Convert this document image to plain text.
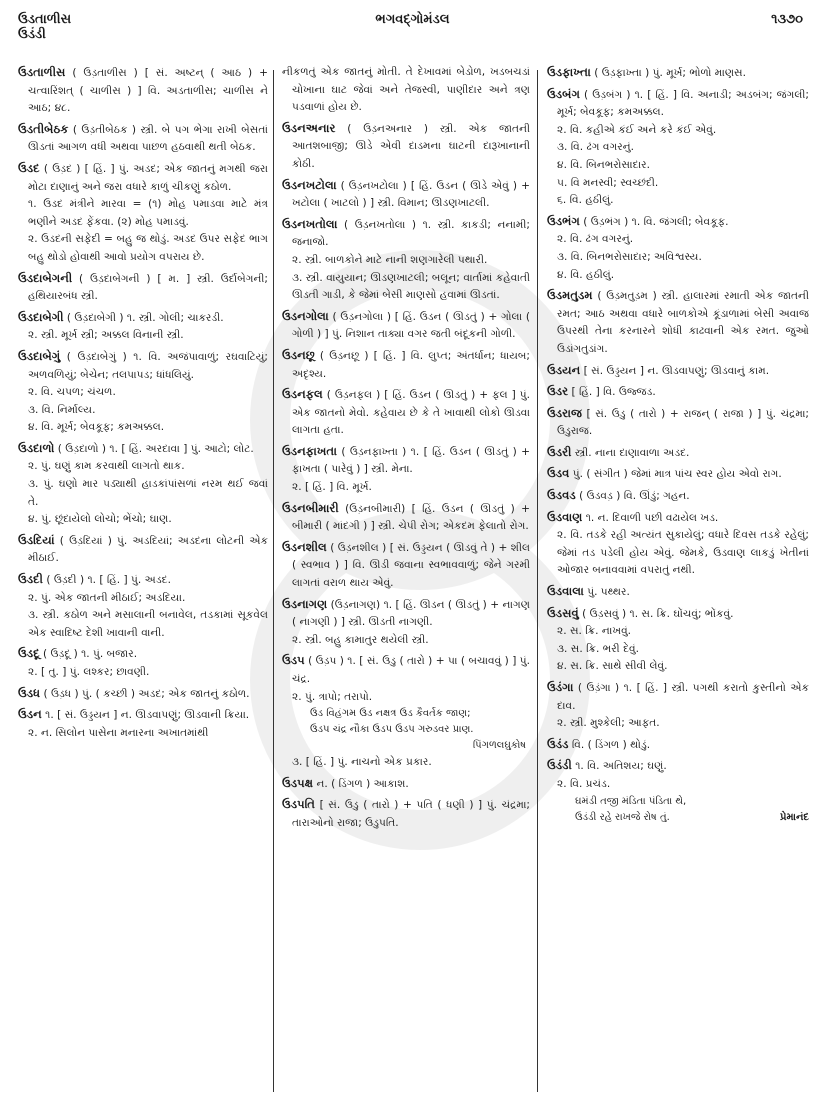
ઉડતાળીસ
ઉડંડી
ભગવદ્ગોમંડલ	૧૩૭૦
ઉડતાળીસ ( ઉડ઼તાળીસ ) [ સં. અષ્ટન્ ( આઠ ) + ચત્વારિંશત્ ( ચાળીસ ) ] વિ. અડતાળીસ; ચાળીસ ને આઠ; ૪૮.
ઉડતીબેઠક ( ઉડ઼તીબેઠક ) સ્ત્રી. બે પગ ભેગા રાખી બેસતાં ઊડતાં આગળ વધી અથવા પાછળ હઠવાથી થતી બેઠક.
ઉડદ ( ઉડ઼દ ) [ હિં. ] પું. અડદ; એક જાતનું મગથી જરા મોટા દાણાનું અને જરા વધારે કાળું ચીકણું કઠોળ.
૧. ઉડદ મંત્રીને મારવા = (૧) મોહ પમાડવા માટે મંત્ર ભણીને અડદ ફેંકવા. (૨) મોહ પમાડવું.
૨. ઉડદની સફેદી = બહુ જ થોડું. અડદ ઉપર સફેદ ભાગ બહુ થોડો હોવાથી આવો પ્રયોગ વપરાય છે.
ઉડદાબેગની ( ઉડ઼દાબેગની ) [ મ. ] સ્ત્રી. ઉર્દાબેગની; હથિયારબંધ સ્ત્રી.
ઉડદાબેગી ( ઉડ઼દાબેગી ) ૧. સ્ત્રી. ગોલી; ચાકરડી.
૨. સ્ત્રી. મૂર્ખ સ્ત્રી; અક્કલ વિનાની સ્ત્રી.
ઉડદાબેગું ( ઉડ઼દાબેગું ) ૧. વિ. અજંપાવાળું; રઘવાટિયું; અળવળિયું; બેચેન; તલપાપડ; ધાંધલિયું.
૨. વિ. ચપળ; ચંચળ.
૩. વિ. નિર્માલ્ય.
૪. વિ. મૂર્ખ; બેવકૂફ; કમઅક્કલ.
ઉડદાળો ( ઉડ઼દાળો ) ૧. [ હિં. અરદાવા ] પું. આટો; લોટ.
૨. પું. ઘણું કામ કરવાથી લાગતો થાક.
૩. પું. ઘણો માર પડ્યાથી હાડકાંપાંસળાં નરમ થઈ જવાં તે.
૪. પું. છૂંદાયેલો લોચો; ભેંચો; ઘાણ.
ઉડદિયાં ( ઉડ઼દિયાં ) પું. અડદિયાં; અડદના લોટની એક મીઠાઈ.
ઉડદી ( ઉડ઼દી ) ૧. [ હિં. ] પું. અડદ.
૨. પું. એક જાતની મીઠાઈ; અડદિયા.
૩. સ્ત્રી. કઠોળ અને મસાલાની બનાવેલ, તડકામાં સૂકવેલ એક સ્વાદિષ્ટ દેશી ખાવાની વાની.
ઉડદૂ ( ઉડ઼દૂ ) ૧. પું. બજાર.
૨. [ તુ. ] પું. લશ્કર; છાવણી.
ઉડધ ( ઉડ઼ધ ) પું. ( કચ્છી ) અડદ; એક જાતનું કઠોળ.
ઉડન ૧. [ સં. ઉડ્ડયન ] ન. ઊડવાપણું; ઊડવાની ક્રિયા.
૨. ન. સિલોન પાસેના મનારના અખાતમાંથી
નીકળતું એક જાતનું મોતી. તે દેખાવમાં બેડોળ, ખડબચડાં ચોખાના ઘાટ જેવાં અને તેજસ્વી, પાણીદાર અને ત્રણ પડવાળાં હોય છે.
ઉડનઅનાર ( ઉડ઼નઅનાર ) સ્ત્રી. એક જાતની આતશબાજી; ઊડે એવી દાડમના ઘાટની દારૂખાનાની કોઠી.
ઉડનખટોલા ( ઉડ઼નખટોલા ) [ હિં. ઉડન ( ઊડે એવું ) + ખટોલા ( ખાટલો ) ] સ્ત્રી. વિમાન; ઊડણખાટલી.
ઉડનખતોલા ( ઉડ઼નખતોલા ) ૧. સ્ત્રી. કાકડી; નનામી; જનાજો.
૨. સ્ત્રી. બાળકોને માટે નાની શણગારેલી પથારી.
૩. સ્ત્રી. વાયુયાન; ઊડણખાટલી; બલૂન; વાર્તામાં કહેવાતી ઊડતી ગાડી, કે જેમાં બેસી માણસો હવામાં ઊડતાં.
ઉડનગોલા ( ઉડ઼નગોલા ) [ હિં. ઉડન ( ઊડતું ) + ગોલા ( ગોળી ) ] પું. નિશાન તાક્યા વગર જતી બંદૂકની ગોળી.
ઉડનછૂ ( ઉડ઼નછૂ ) [ હિં. ] વિ. લુપ્ત; અંતર્ધાન; ધાયબ; અદૃશ્ય.
ઉડનફલ ( ઉડ઼નફલ ) [ હિં. ઉડન ( ઊડતું ) + ફલ ] પું. એક જાતનો મેવો. કહેવાય છે કે તે ખાવાથી લોકો ઊડવા લાગતા હતા.
ઉડનફાખતા ( ઉડ઼નફાખ્તા ) ૧. [ હિં. ઉડન ( ઊડતું ) + ફાખતા ( પારેવું ) ] સ્ત્રી. મેના.
૨. [ હિં. ] વિ. મૂર્ખ.
ઉડનબીમારી (ઉડ઼નબીમારી) [ હિં. ઉડન ( ઊડતું ) + બીમારી ( માંદગી ) ] સ્ત્રી. ચેપી રોગ; એકદમ ફેલાતો રોગ.
ઉડનશીલ ( ઉડ઼નશીલ ) [ સં. ઉડ્ડયન ( ઊડવું તે ) + શીલ ( સ્વભાવ ) ] વિ. ઊડી જવાના સ્વભાવવાળું; જેને ગરમી લાગતાં વરાળ થાય એવું.
ઉડનાગણ (ઉડ઼નાગણ) ૧. [ હિં. ઊડન ( ઊડતું ) + નાગણ ( નાગણી ) ] સ્ત્રી. ઊડતી નાગણી.
૨. સ્ત્રી. બહુ કામાતુર થયેલી સ્ત્રી.
ઉડપ ( ઉડ઼પ ) ૧. [ સં. ઉડુ ( તારો ) + પા ( બચાવવું ) ] પું. ચંદ્ર.
૨. પું. ત્રાપો; તરાપો.
ઉડ વિહંગમ ઉડ નક્ષત્ર ઉડ કૈવર્તક જાણ;
ઉડપ ચંદ્ર નૌકા ઉડપ ઉડપ ગરુડવર પ્રાણ.
પિંગળલઘુકોષ
૩. [ હિં. ] પું. નાચનો એક પ્રકાર.
ઉડપક્ષ ન. ( ડિંગળ ) આકાશ.
ઉડપતિ [ સં. ઉડુ ( તારો ) + પતિ ( ધણી ) ] પું. ચંદ્રમા; તારાઓનો રાજા; ઉડુપતિ.
ઉડફાખ્તા ( ઉડ઼ફાખ્તા ) પું. મૂર્ખ; ભોળો માણસ.
ઉડબંગ ( ઉડ઼બંગ ) ૧. [ હિં. ] વિ. અનાડી; અડબંગ; જંગલી; મૂર્ખ; બેવકૂફ; કમઅક્કલ.
૨. વિ. કહીએ કંઈ અને કરે કંઈ એવું.
૩. વિ. ઢંગ વગરનું.
૪. વિ. બિનભરોસાદાર.
૫. વિ મનસ્વી; સ્વચ્છંદી.
૬. વિ. હઠીલું.
ઉડભંગ ( ઉડ઼ભંગ ) ૧. વિ. જંગલી; બેવકૂફ.
૨. વિ. ઢંગ વગરનું.
૩. વિ. બિનભરોસાદાર; અવિશ્વસ્ય.
૪. વિ. હઠીલું.
ઉડમતુડમ ( ઉડ઼મતુડ઼મ ) સ્ત્રી. હાલારમાં રમાતી એક જાતની રમત; આઠ અથવા વધારે બાળકોએ કૂંડાળામાં બેસી અવાજ ઉપરથી તેના કરનારને શોધી કાઢવાની એક રમત. જુઓ ઉડાંગતુડાંગ.
ઉડયન [ સં. ઉડ્ડયન ] ન. ઊડવાપણું; ઊડવાનું કામ.
ઉડર [ હિં. ] વિ. ઉજ્જડ.
ઉડરાજ [ સં. ઉડુ ( તારો ) + રાજન્ ( રાજા ) ] પું. ચંદ્રમા; ઉડુરાજ.
ઉડરી સ્ત્રી. નાના દાણાવાળા અડદ.
ઉડવ પું. ( સંગીત ) જેમાં માત્ર પાંચ સ્વર હોય એવો રાગ.
ઉડવડ ( ઉડવડ઼ ) વિ. ઊંડું; ગહન.
ઉડવાણ ૧. ન. દિવાળી પછી વઢાયેલ ખડ.
૨. વિ. તડકે રહી અત્યંત સુકાયેલું; વધારે દિવસ તડકે રહેલું; જેમાં તડ પડેલી હોય એવું. જેમકે, ઉડવાણ લાકડું ખેતીનાં ઓજાર બનાવવામાં વપરાતું નથી.
ઉડવાલા પું. પથ્થર.
ઉડસવું ( ઉડ઼સવું ) ૧. સ. ક્રિ. ઘોંચવું; ભોંકવું.
૨. સ. ક્રિ. નાખવું.
૩. સ. ક્રિ. ભરી દેવું.
૪. સ. ક્રિ. સાથે સીવી લેવું.
ઉડંગા ( ઉડ઼ંગા ) ૧. [ હિં. ] સ્ત્રી. પગથી કરાતો કુસ્તીનો એક દાવ.
૨. સ્ત્રી. મુશ્કેલી; આફત.
ઉડંડ વિ. ( ડિંગળ ) થોડું.
ઉડંડી ૧. વિ. અતિશય; ઘણું.
૨. વિ. પ્રચંડ.
ઘમંડી તજી મંડિતા પંડિતા થે,
ઉડંડી રહે રાખજે રોષ તું.	પ્રેમાનંદ
